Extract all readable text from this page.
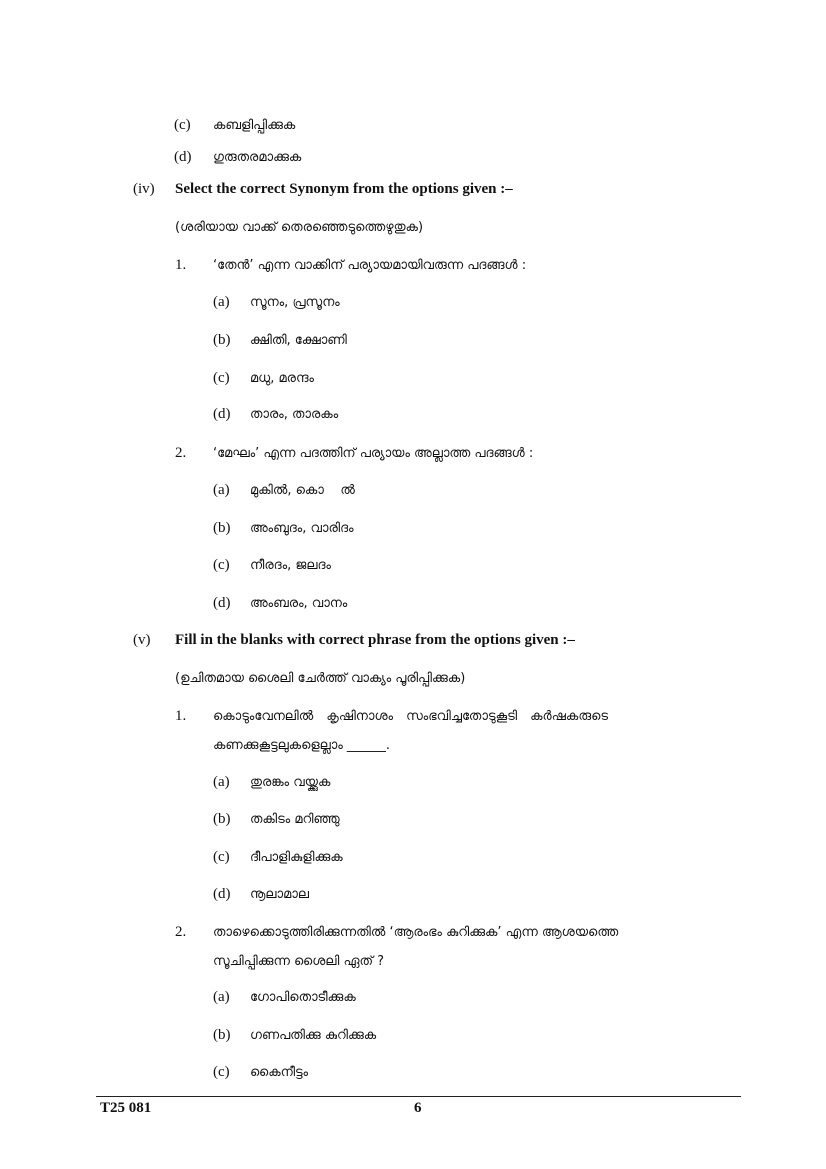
(c) കബളിപ്പിക്കുക
(d) ഗുരുതരമാക്കുക
(iv) Select the correct Synonym from the options given :–
(ശരിയായ വാക്ക് തെരഞ്ഞെടുത്തെഴുതുക)
1. ‘തേൻ’ എന്ന വാക്കിന് പര്യായമായിവരുന്ന പദങ്ങൾ :
(a) സൂനം, പ്രസൂനം
(b) ക്ഷിതി, ക്ഷോണി
(c) മധു, മരന്ദം
(d) താരം, താരകം
2. ‘മേഘം’ എന്ന പദത്തിന് പര്യായം അല്ലാത്ത പദങ്ങൾ :
(a) മുകിൽ, കൊ    ൽ
(b) അംബുദം, വാരിദം
(c) നീരദം, ജലദം
(d) അംബരം, വാനം
(v) Fill in the blanks with correct phrase from the options given :–
(ഉചിതമായ ശൈലി ചേർത്ത് വാക്യം പൂരിപ്പിക്കുക)
1. കൊടുംവേനലിൽ കൃഷിനാശം സംഭവിച്ചതോടുകൂടി കർഷകരുടെ
കണക്കുകൂട്ടലുകളെല്ലാം ______.
(a) തുരങ്കം വയ്ക്കുക
(b) തകിടം മറിഞ്ഞു
(c) ദീപാളികുളിക്കുക
(d) നൂലാമാല
2. താഴെക്കൊടുത്തിരിക്കുന്നതിൽ ‘ആരംഭം കുറിക്കുക’ എന്ന ആശയത്തെ
സൂചിപ്പിക്കുന്ന ശൈലി ഏത് ?
(a) ഗോപിതൊടീക്കുക
(b) ഗണപതിക്കു കുറിക്കുക
(c) കൈനീട്ടം
T25 081	6
